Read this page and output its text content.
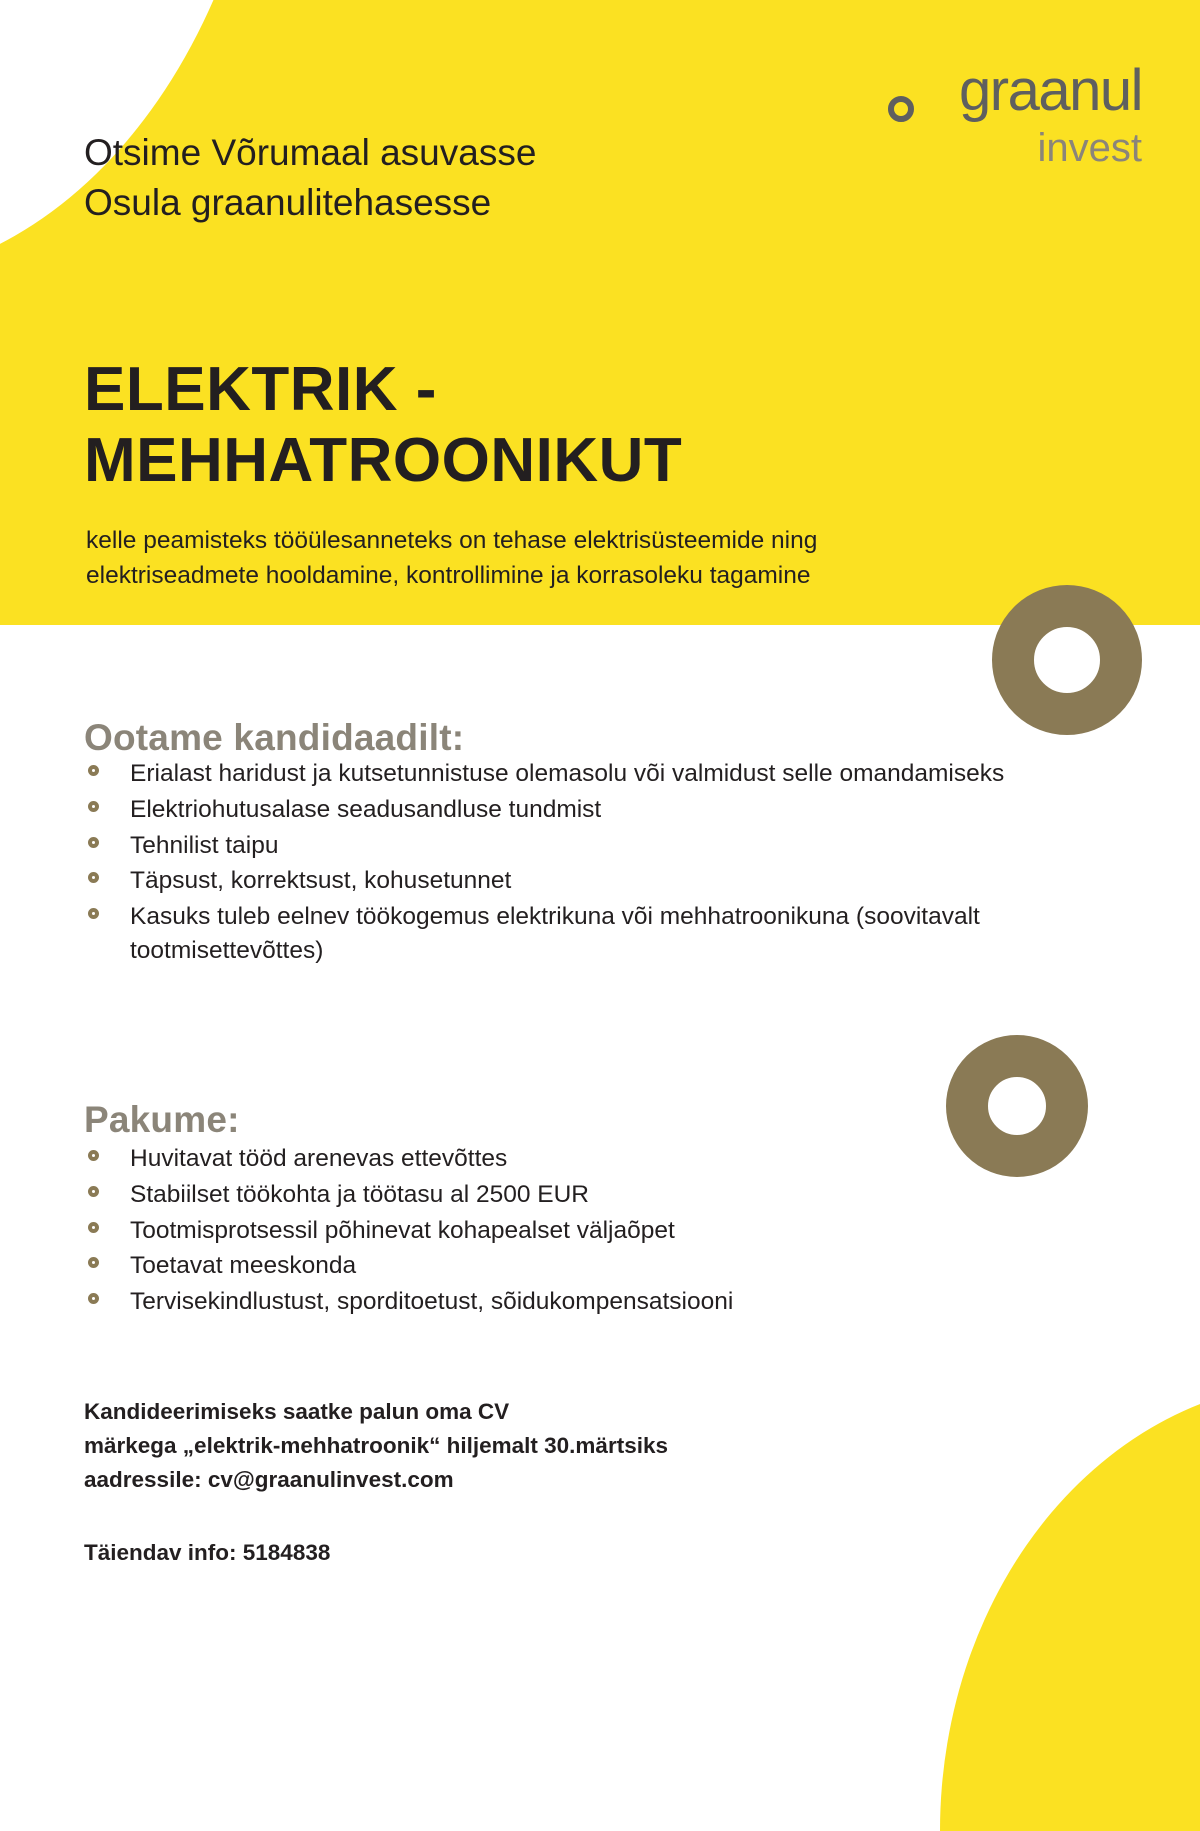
graanul
invest
Otsime Võrumaal asuvasse
Osula graanulitehasesse
ELEKTRIK -
MEHHATROONIKUT
kelle peamisteks tööülesanneteks on tehase elektrisüsteemide ning
elektriseadmete hooldamine, kontrollimine ja korrasoleku tagamine
Ootame kandidaadilt:
Erialast haridust ja kutsetunnistuse olemasolu või valmidust selle omandamiseks
Elektriohutusalase seadusandluse tundmist
Tehnilist taipu
Täpsust, korrektsust, kohusetunnet
Kasuks tuleb eelnev töökogemus elektrikuna või mehhatroonikuna (soovitavalt tootmisettevõttes)
Pakume:
Huvitavat tööd arenevas ettevõttes
Stabiilset töökohta ja töötasu al 2500 EUR
Tootmisprotsessil põhinevat kohapealset väljaõpet
Toetavat meeskonda
Tervisekindlustust, sporditoetust, sõidukompensatsiooni

Kandideerimiseks saatke palun oma CV

märkega „elektrik-mehhatroonik“ hiljemalt 30.märtsiks

aadressile: cv@graanulinvest.com

Täiendav info: 5184838
